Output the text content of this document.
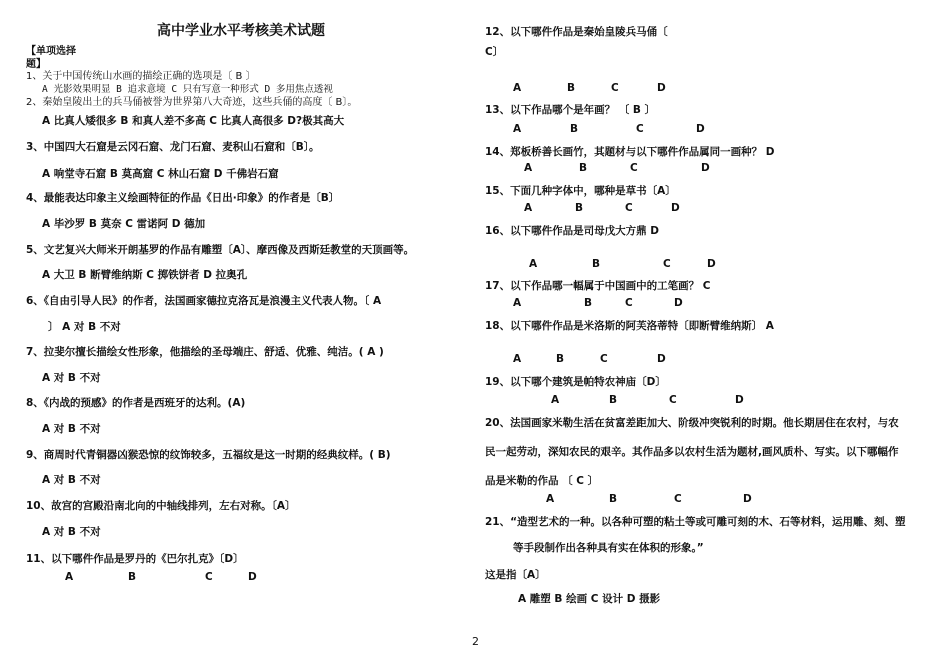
高中学业水平考核美术试题
【单项选择
题】
1、关于中国传统山水画的描绘正确的选项是〔 B 〕
A 光影效果明显 B 追求意境 C 只有写意一种形式 D 多用焦点透视
2、秦始皇陵出土的兵马俑被誉为世界第八大奇迹，这些兵俑的高度〔 B〕。
A 比真人矮很多 B 和真人差不多高 C 比真人高很多 D?极其高大
3、中国四大石窟是云冈石窟、龙门石窟、麦积山石窟和〔B〕。
A 响堂寺石窟 B 莫高窟 C 林山石窟 D 千佛岩石窟
4、最能表达印象主义绘画特征的作品《日出·印象》的作者是〔B〕
A 毕沙罗 B 莫奈 C 雷诺阿 D 德加
5、文艺复兴大师米开朗基罗的作品有雕塑〔A〕、摩西像及西斯廷教堂的天顶画等。
A 大卫 B 断臂维纳斯 C 掷铁饼者 D 拉奥孔
6、《自由引导人民》的作者，法国画家德拉克洛瓦是浪漫主义代表人物。〔 A
〕 A 对 B 不对
7、拉斐尔擅长描绘女性形象，他描绘的圣母端庄、舒适、优雅、纯洁。( A )
A 对 B 不对
8、《内战的预感》的作者是西班牙的达利。(A)
A 对 B 不对
9、商周时代青铜器凶猴恐惊的纹饰较多，五福纹是这一时期的经典纹样。( B)
A 对 B 不对
10、故宫的宫殿沿南北向的中轴线排列，左右对称。〔A〕
A 对 B 不对
11、以下哪件作品是罗丹的《巴尔扎克》〔D〕
A	B	C	D
12、以下哪件作品是秦始皇陵兵马俑〔
C〕
A	B	C	D
13、以下作品哪个是年画？ 〔 B 〕
A	B	C	D
14、郑板桥善长画竹，其题材与以下哪件作品属同一画种？ D
A	B	C	D
15、下面几种字体中，哪种是草书〔A〕
A	B	C	D
16、以下哪件作品是司母戊大方鼎 D
A	B	C	D
17、以下作品哪一幅属于中国画中的工笔画？ C
A	B	C	D
18、以下哪件作品是米洛斯的阿芙洛蒂特〔即断臂维纳斯〕 A
A	B	C	D
19、以下哪个建筑是帕特农神庙〔D〕
A	B	C	D
20、法国画家米勒生活在贫富差距加大、阶级冲突锐利的时期。他长期居住在农村，与农
民一起劳动，深知农民的艰辛。其作品多以农村生活为题材,画风质朴、写实。以下哪幅作
品是米勒的作品 〔 C 〕
A	B	C	D
21、“造型艺术的一种。以各种可塑的粘土等或可雕可刻的木、石等材料，运用雕、刻、塑
等手段制作出各种具有实在体积的形象。”
这是指〔A〕
A 雕塑 B 绘画 C 设计 D 摄影
2
